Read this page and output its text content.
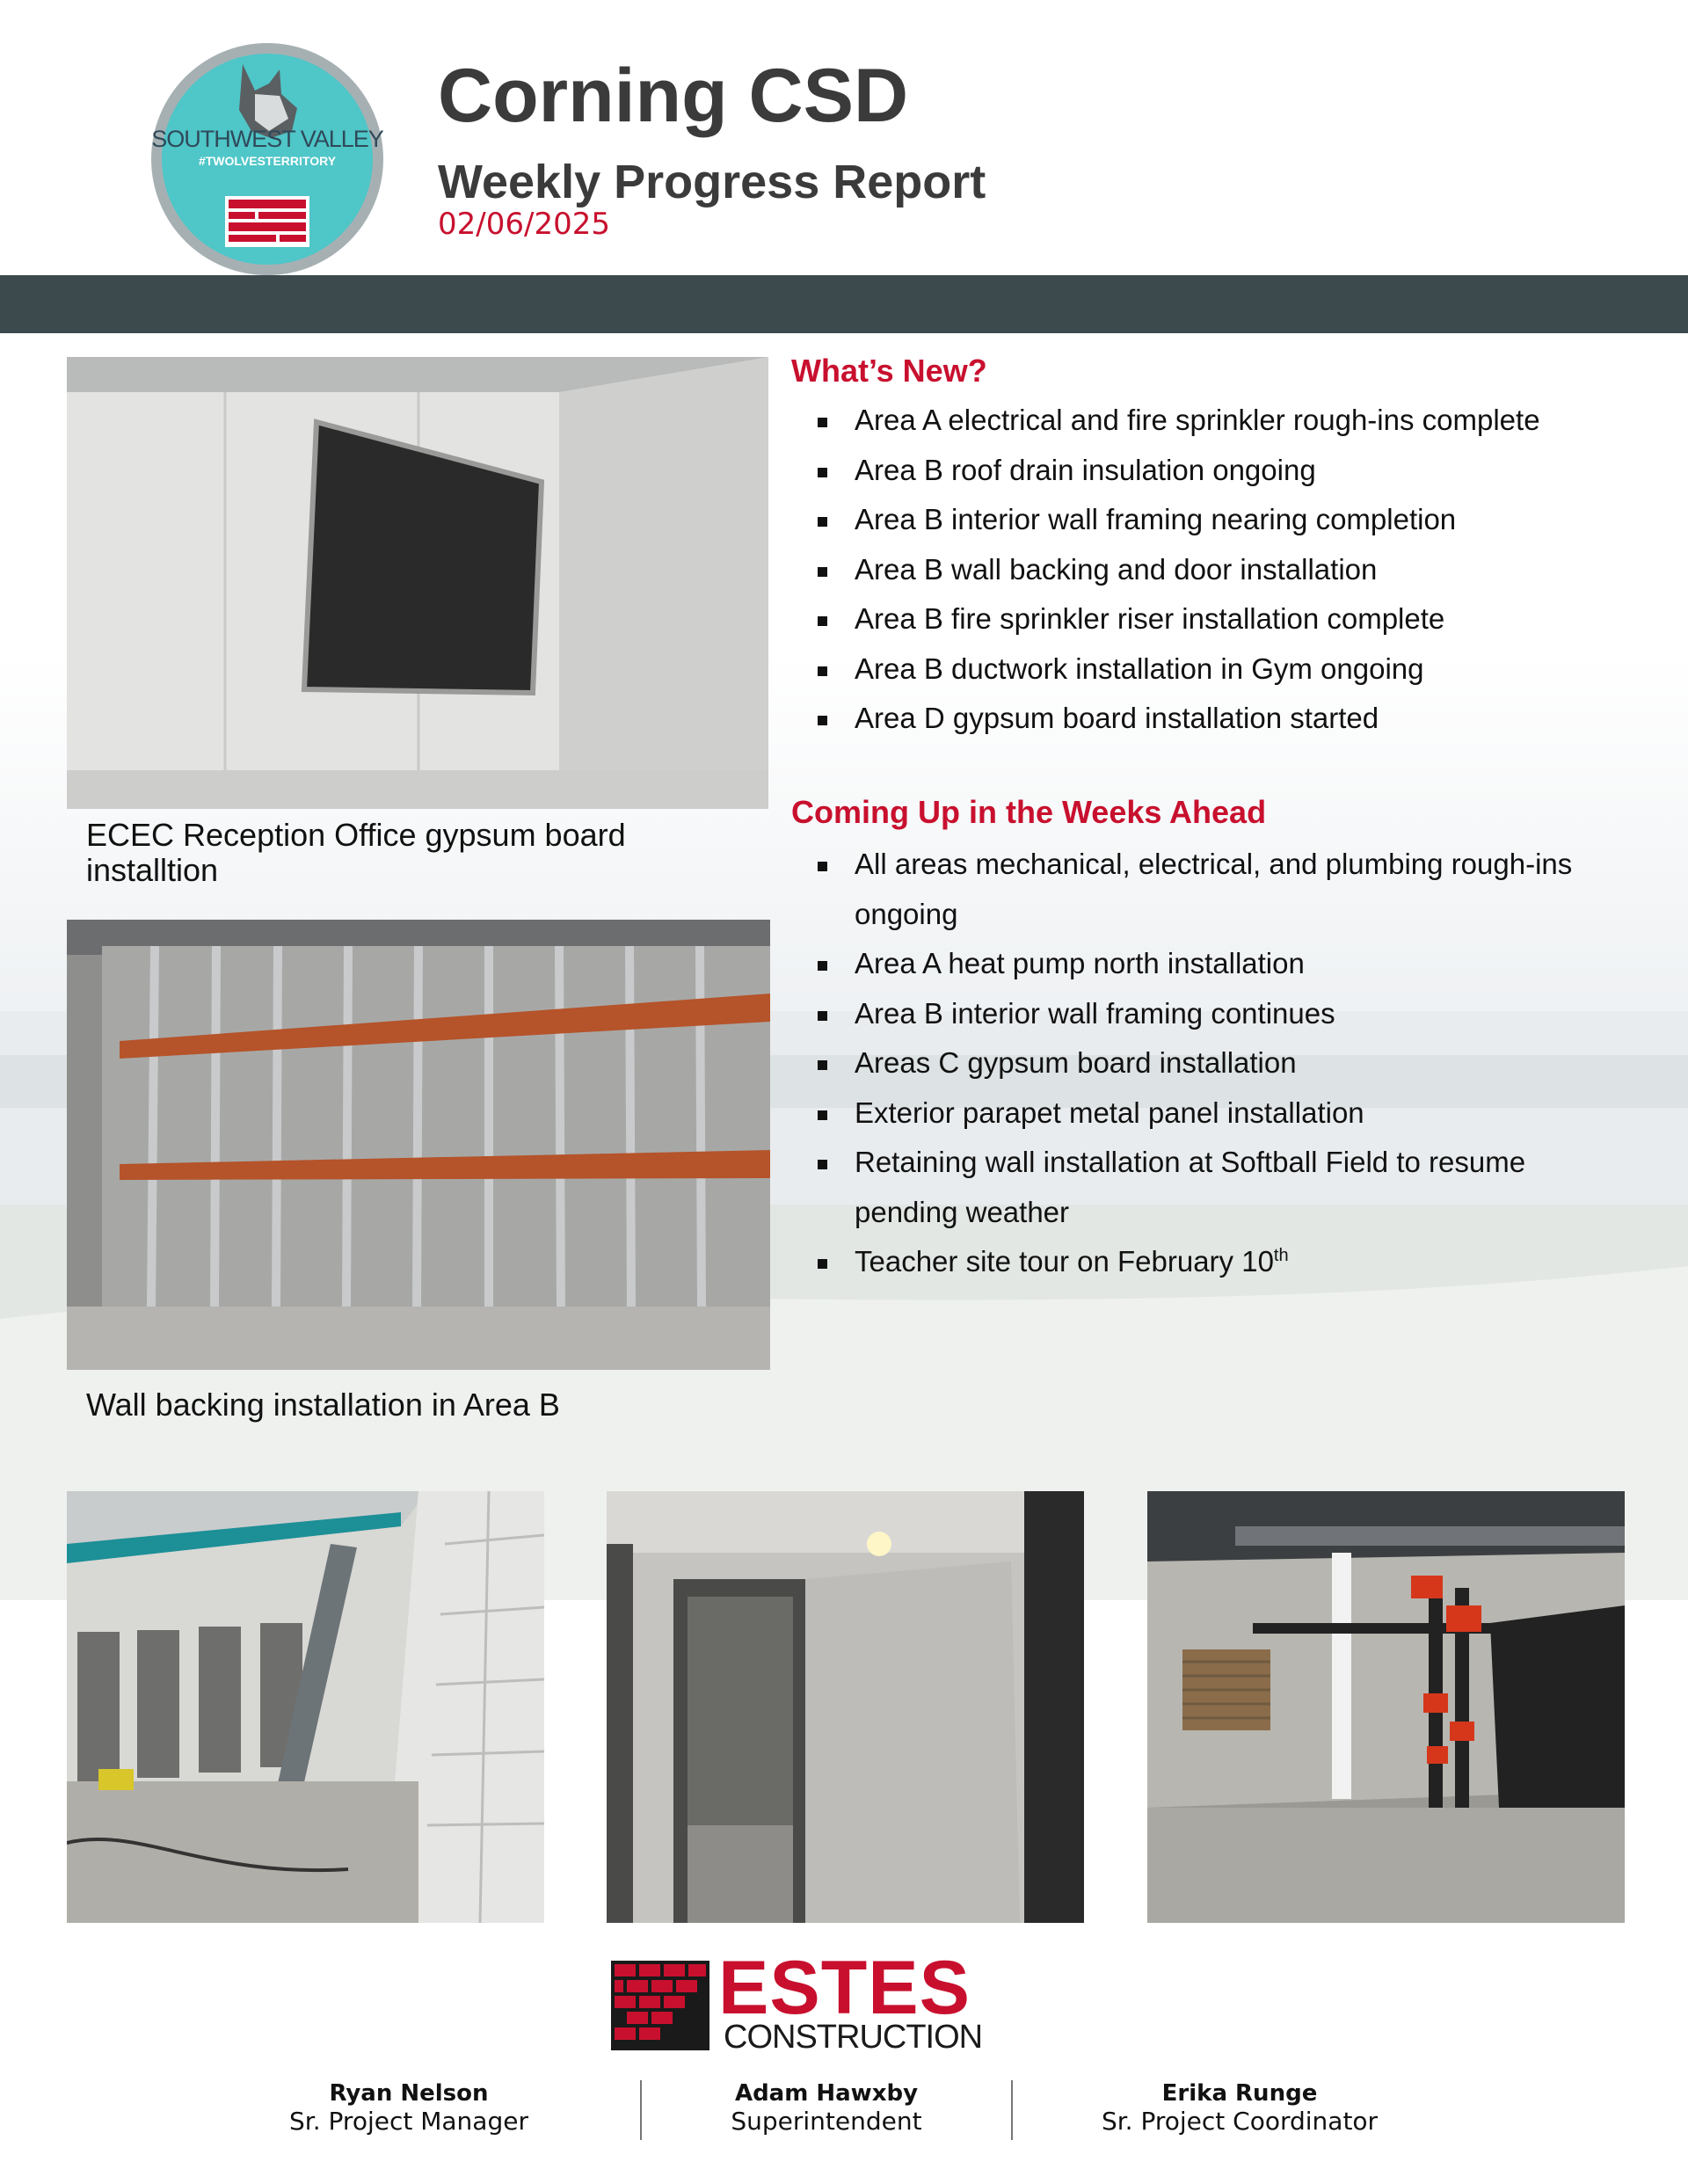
SOUTHWEST VALLEY
#TWOLVESTERRITORY
Corning CSD
Weekly Progress Report
02/06/2025
ECEC Reception Office gypsum board installtion
Wall backing installation in Area B
What’s New?
Area A electrical and fire sprinkler rough-ins complete
Area B roof drain insulation ongoing
Area B interior wall framing nearing completion
Area B wall backing and door installation
Area B fire sprinkler riser installation complete
Area B ductwork installation in Gym ongoing
Area D gypsum board installation started
Coming Up in the Weeks Ahead
All areas mechanical, electrical, and plumbing rough-ins ongoing
Area A heat pump north installation
Area B interior wall framing continues
Areas C gypsum board installation
Exterior parapet metal panel installation
Retaining wall installation at Softball Field to resume pending weather
Teacher site tour on February 10th
ESTES
CONSTRUCTION
Ryan Nelson
Sr. Project Manager
Adam Hawxby
Superintendent
Erika Runge
Sr. Project Coordinator
